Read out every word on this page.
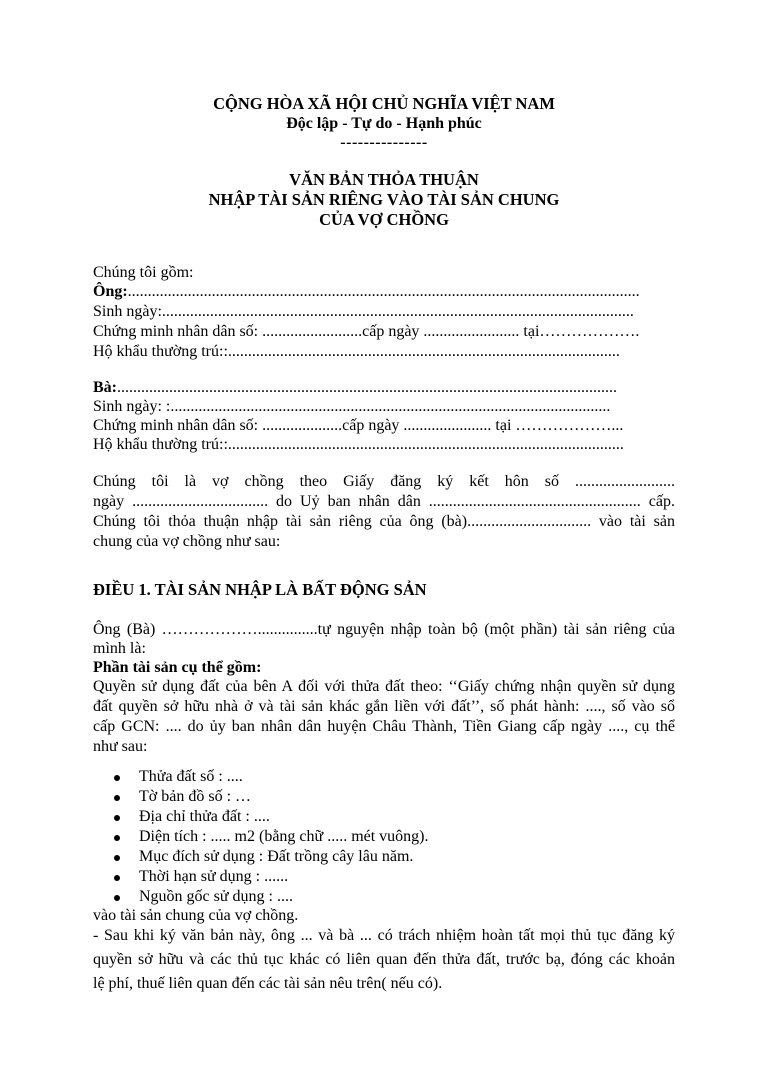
CỘNG HÒA XÃ HỘI CHỦ NGHĨA VIỆT NAM
Độc lập - Tự do - Hạnh phúc
---------------
VĂN BẢN THỎA THUẬN
NHẬP TÀI SẢN RIÊNG VÀO TÀI SẢN CHUNG
CỦA VỢ CHỒNG
Chúng tôi gồm:
Ông:................................................................................................................................
Sinh ngày:......................................................................................................................
Chứng minh nhân dân số: .........................cấp ngày ........................ tại……………….
Hộ khẩu thường trú::..................................................................................................
Bà:.............................................................................................................................
Sinh ngày: :..............................................................................................................
Chứng minh nhân dân số: ....................cấp ngày ...................... tại ………………...
Hộ khẩu thường trú::...................................................................................................
Chúng tôi là vợ chồng theo Giấy đăng ký kết hôn số .........................
ngày .................................. do Uỷ ban nhân dân ..................................................... cấp.
Chúng tôi thỏa thuận nhập tài sản riêng của ông (bà)............................... vào tài sản
chung của vợ chồng như sau:
ĐIỀU 1. TÀI SẢN NHẬP LÀ BẤT ĐỘNG SẢN
Ông (Bà) ………………...............tự nguyện nhập toàn bộ (một phần) tài sản riêng của
mình là:
Phần tài sản cụ thể gồm:
Quyền sử dụng đất của bên A đối với thửa đất theo: ‘‘Giấy chứng nhận quyền sử dụng
đất quyền sở hữu nhà ở và tài sản khác gắn liền với đất’’, số phát hành: ...., số vào sổ
cấp GCN: .... do ủy ban nhân dân huyện Châu Thành, Tiền Giang cấp ngày ...., cụ thể
như sau:
Thửa đất số : ....
Tờ bản đồ số : …
Địa chỉ thửa đất : ....
Diện tích : ..... m2 (bằng chữ ..... mét vuông).
Mục đích sử dụng : Đất trồng cây lâu năm.
Thời hạn sử dụng : ......
Nguồn gốc sử dụng : ....
vào tài sản chung của vợ chồng.
- Sau khi ký văn bản này, ông ... và bà ... có trách nhiệm hoàn tất mọi thủ tục đăng ký
quyền sở hữu và các thủ tục khác có liên quan đến thửa đất, trước bạ, đóng các khoản
lệ phí, thuế liên quan đến các tài sản nêu trên( nếu có).
